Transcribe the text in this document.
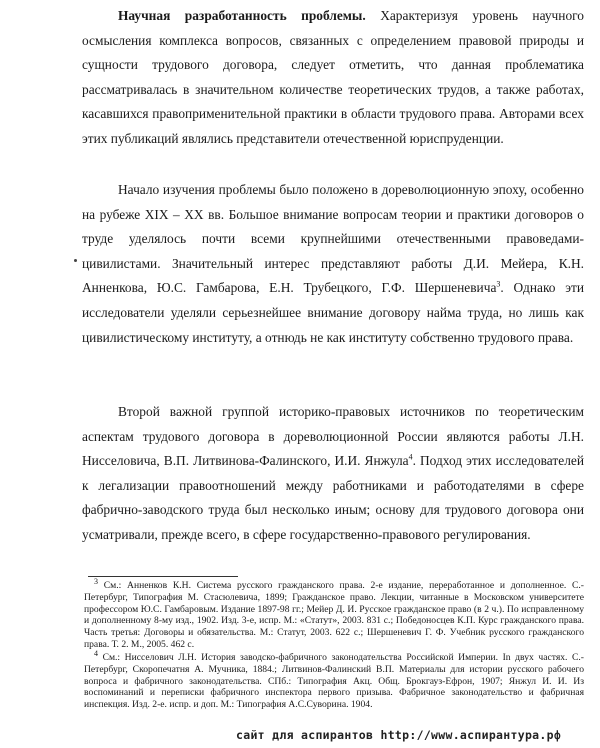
Научная разработанность проблемы. Характеризуя уровень научного осмысления комплекса вопросов, связанных с определением правовой природы и сущности трудового договора, следует отметить, что данная проблематика рассматривалась в значительном количестве теоретических трудов, а также работах, касавшихся правоприменительной практики в области трудового права. Авторами всех этих публикаций являлись представители отечественной юриспруденции.

Начало изучения проблемы было положено в дореволюционную эпоху, особенно на рубеже XIX – XX вв. Большое внимание вопросам теории и практики договоров о труде уделялось почти всеми крупнейшими отечественными правоведами-цивилистами. Значительный интерес представляют работы Д.И. Мейера, К.Н. Анненкова, Ю.С. Гамбарова, Е.Н. Трубецкого, Г.Ф. Шершеневича$^3$. Однако эти исследователи уделяли серьезнейшее внимание договору найма труда, но лишь как цивилистическому институту, а отнюдь не как институту собственно трудового права.

Второй важной группой историко-правовых источников по теоретическим аспектам трудового договора в дореволюционной России являются работы Л.Н. Нисселовича, В.П. Литвинова-Фалинского, И.И. Янжула$^4$. Подход этих исследователей к легализации правоотношений между работниками и работодателями в сфере фабрично-заводского труда был несколько иным; основу для трудового договора они усматривали, прежде всего, в сфере государственно-правового регулирования.

$^3$ См.: Анненков К.Н. Система русского гражданского права. 2-е издание, переработанное и дополненное. С.-Петербург, Типография М. Стасюлевича, 1899; Гражданское право. Лекции, читанные в Московском университете профессором Ю.С. Гамбаровым. Издание 1897-98 гг.; Мейер Д. И. Русское гражданское право (в 2 ч.). По исправленному и дополненному 8-му изд., 1902. Изд. 3-е, испр. М.: «Статут», 2003. 831 с.; Победоносцев К.П. Курс гражданского права. Часть третья: Договоры и обязательства. М.: Статут, 2003. 622 с.; Шершеневич Г. Ф. Учебник русского гражданского права. Т. 2. М., 2005. 462 с.

$^4$ См.: Нисселович Л.Н. История заводско-фабричного законодательства Российской Империи. In двух частях. С.-Петербург, Скоропечатня А. Мучника, 1884.; Литвинов-Фалинский В.П. Материалы для истории русского рабочего вопроса и фабричного законодательства. СПб.: Типография Акц. Общ. Брокгауз-Ефрон, 1907; Янжул И. И. Из воспоминаний и переписки фабричного инспектора первого призыва. Фабричное законодательство и фабричная инспекция. Изд. 2-е. испр. и доп. М.: Типография А.С.Суворина. 1904.

сайт для аспирантов http://www.аспирантура.рф
